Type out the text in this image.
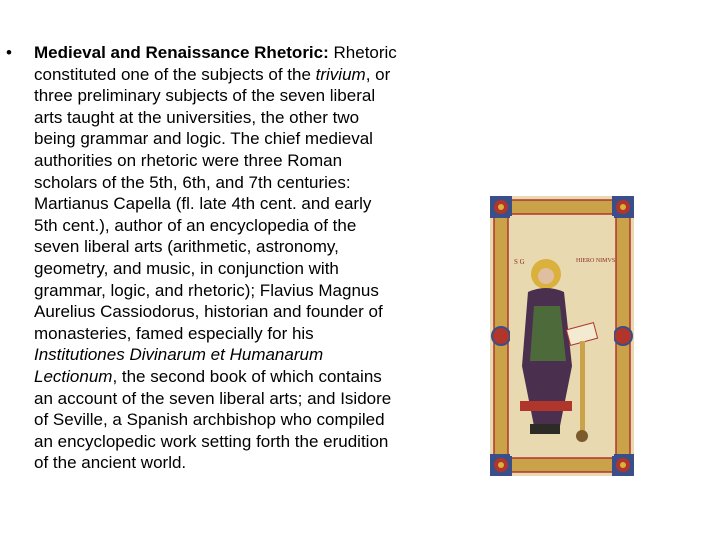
• Medieval and Renaissance Rhetoric: Rhetoric
constituted one of the subjects of the trivium, or
three preliminary subjects of the seven liberal
arts taught at the universities, the other two
being grammar and logic. The chief medieval
authorities on rhetoric were three Roman
scholars of the 5th, 6th, and 7th centuries:
Martianus Capella (fl. late 4th cent. and early
5th cent.), author of an encyclopedia of the
seven liberal arts (arithmetic, astronomy,
geometry, and music, in conjunction with
grammar, logic, and rhetoric); Flavius Magnus
Aurelius Cassiodorus, historian and founder of
monasteries, famed especially for his
Institutiones Divinarum et Humanarum
Lectionum, the second book of which contains
an account of the seven liberal arts; and Isidore
of Seville, a Spanish archbishop who compiled
an encyclopedic work setting forth the erudition
of the ancient world.
S G	HIERO NIMVS
